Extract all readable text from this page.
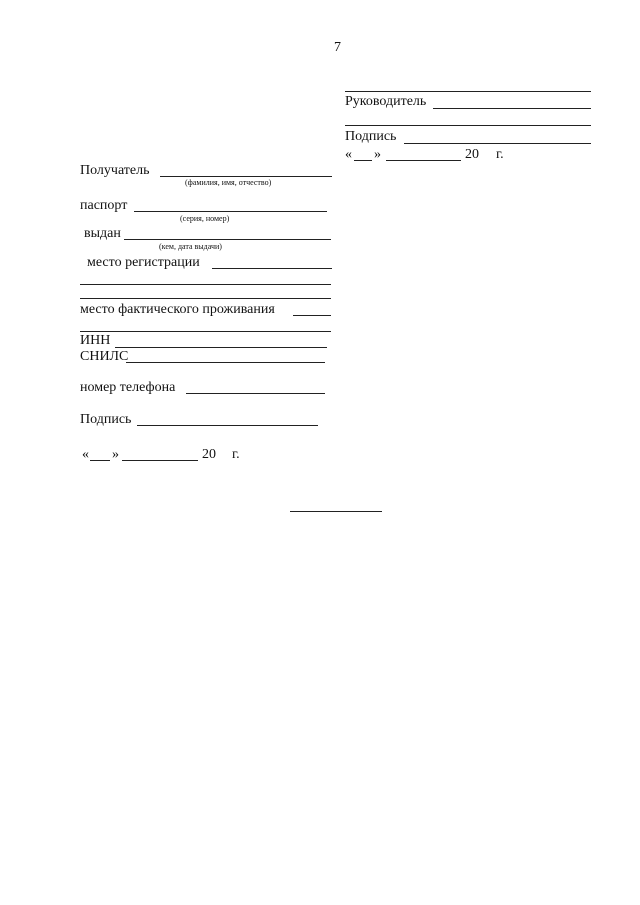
7
Руководитель
Подпись
« »	20 г.
Получатель
(фамилия, имя, отчество)
паспорт
(серия, номер)
выдан
(кем, дата выдачи)
место регистрации
место фактического проживания
ИНН
СНИЛС
номер телефона
Подпись
« »	20 г.
